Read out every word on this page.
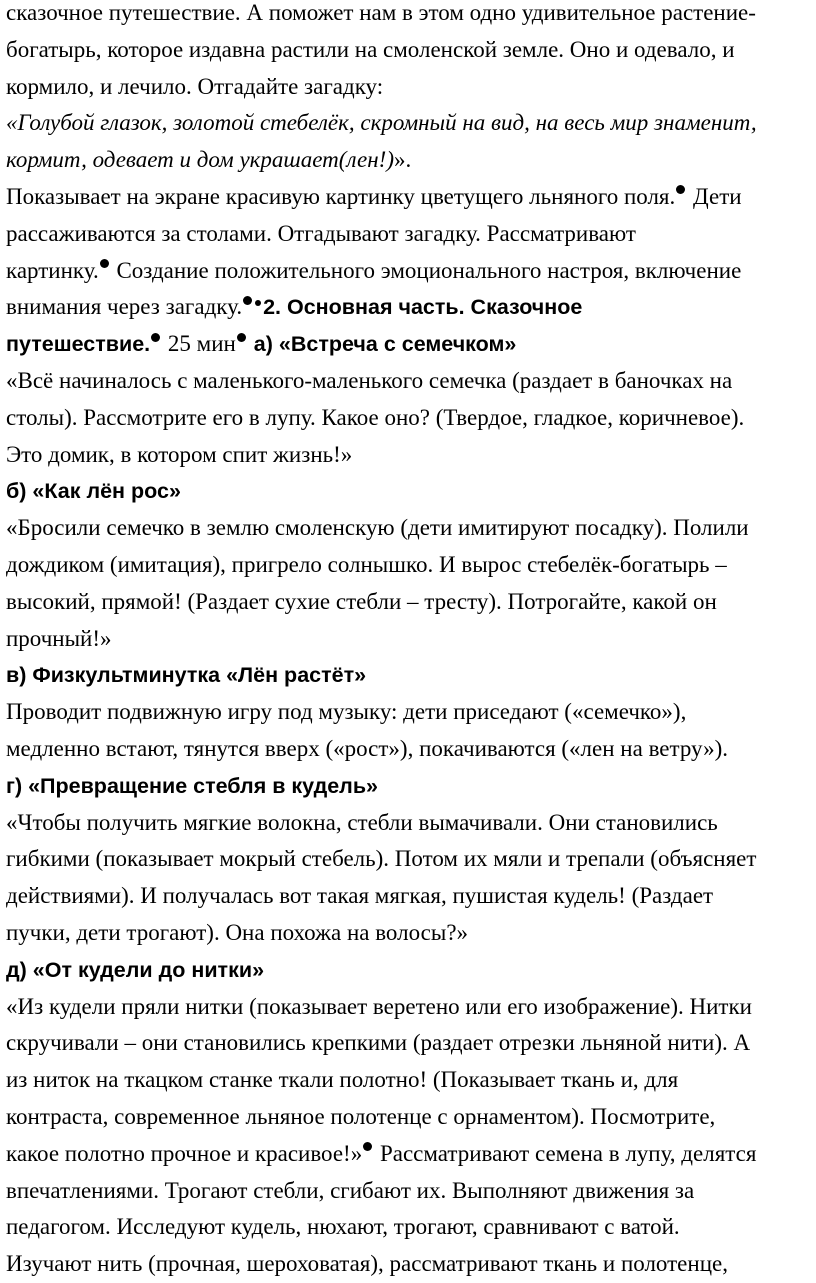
сказочное путешествие. А поможет нам в этом одно удивительное растение-
богатырь, которое издавна растили на смоленской земле. Оно и одевало, и
кормило, и лечило. Отгадайте загадку:
«Голубой глазок, золотой стебелёк, скромный на вид, на весь мир знаменит,
кормит, одевает и дом украшает(лен!)».
Показывает на экране красивую картинку цветущего льняного поля. Дети
рассаживаются за столами. Отгадывают загадку. Рассматривают
картинку. Создание положительного эмоционального настроя, включение
внимания через загадку. 2. Основная часть. Сказочное
путешествие. 25 мин а) «Встреча с семечком»
«Всё начиналось с маленького-маленького семечка (раздает в баночках на
столы). Рассмотрите его в лупу. Какое оно? (Твердое, гладкое, коричневое).
Это домик, в котором спит жизнь!»
б) «Как лён рос»
«Бросили семечко в землю смоленскую (дети имитируют посадку). Полили
дождиком (имитация), пригрело солнышко. И вырос стебелёк-богатырь –
высокий, прямой! (Раздает сухие стебли – тресту). Потрогайте, какой он
прочный!»
в) Физкультминутка «Лён растёт»
Проводит подвижную игру под музыку: дети приседают («семечко»),
медленно встают, тянутся вверх («рост»), покачиваются («лен на ветру»).
г) «Превращение стебля в кудель»
«Чтобы получить мягкие волокна, стебли вымачивали. Они становились
гибкими (показывает мокрый стебель). Потом их мяли и трепали (объясняет
действиями). И получалась вот такая мягкая, пушистая кудель! (Раздает
пучки, дети трогают). Она похожа на волосы?»
д) «От кудели до нитки»
«Из кудели пряли нитки (показывает веретено или его изображение). Нитки
скручивали – они становились крепкими (раздает отрезки льняной нити). А
из ниток на ткацком станке ткали полотно! (Показывает ткань и, для
контраста, современное льняное полотенце с орнаментом). Посмотрите,
какое полотно прочное и красивое!» Рассматривают семена в лупу, делятся
впечатлениями. Трогают стебли, сгибают их. Выполняют движения за
педагогом. Исследуют кудель, нюхают, трогают, сравнивают с ватой.
Изучают нить (прочная, шероховатая), рассматривают ткань и полотенце,
